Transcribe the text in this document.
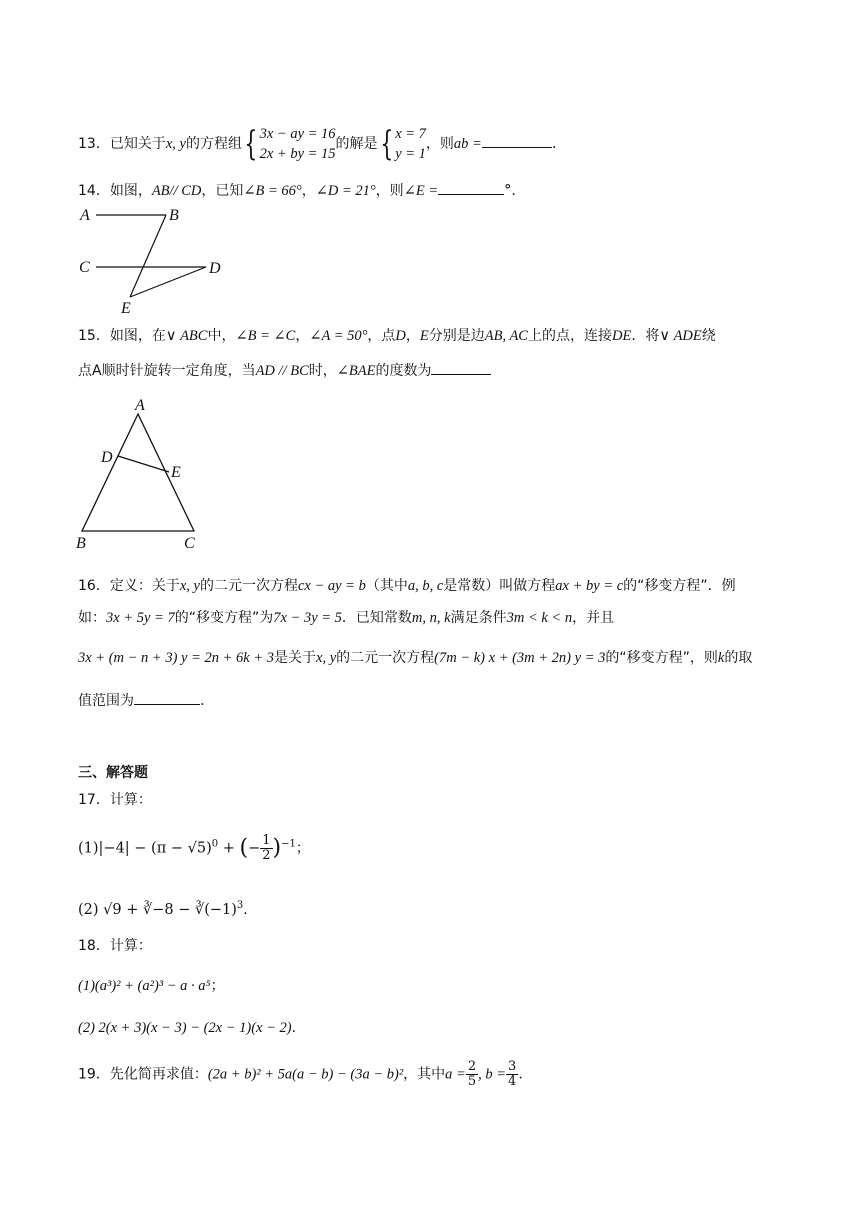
13．已知关于x, y的方程组{ 3x − ay = 16
2x + by = 15的解是{ x = 7
y = 1，则ab =	.
14．如图，AB// CD，已知∠B = 66°，∠D = 21°，则∠E =	°．
A	B
C	D
E
15．如图，在∨ ABC中，∠B = ∠C，∠A = 50°，点D，E分别是边AB, AC上的点，连接DE．将∨ ADE绕
点A顺时针旋转一定角度，当AD // BC时，∠BAE的度数为
A
D
E
B	C
16．定义：关于x, y的二元一次方程cx − ay = b（其中a, b, c是常数）叫做方程ax + by = c的“移变方程”．例
如：3x + 5y = 7的“移变方程”为7x − 3y = 5．已知常数m, n, k满足条件3m < k < n，并且
3x + (m − n + 3) y = 2n + 6k + 3是关于x, y的二元一次方程(7m − k) x + (3m + 2n) y = 3的“移变方程”，则k的取
值范围为	．
三、解答题
17．计算：
$(1)|-4| - (\pi - √5)^0$ + (− $\frac{1}{2} )^{-1}$；
(2) √9 + ∛−8 − $∛(-1)^3$．
18．计算：
(1)(a³)² + (a²)³ − a · a⁵；
(2) 2(x + 3)(x − 3) − (2x − 1)(x − 2)．
19．先化简再求值：(2a + b)² + 5a(a − b) − (3a − b)²，其中$a = \frac{2}{5}$ , $b = \frac{3}{4}$ ．
